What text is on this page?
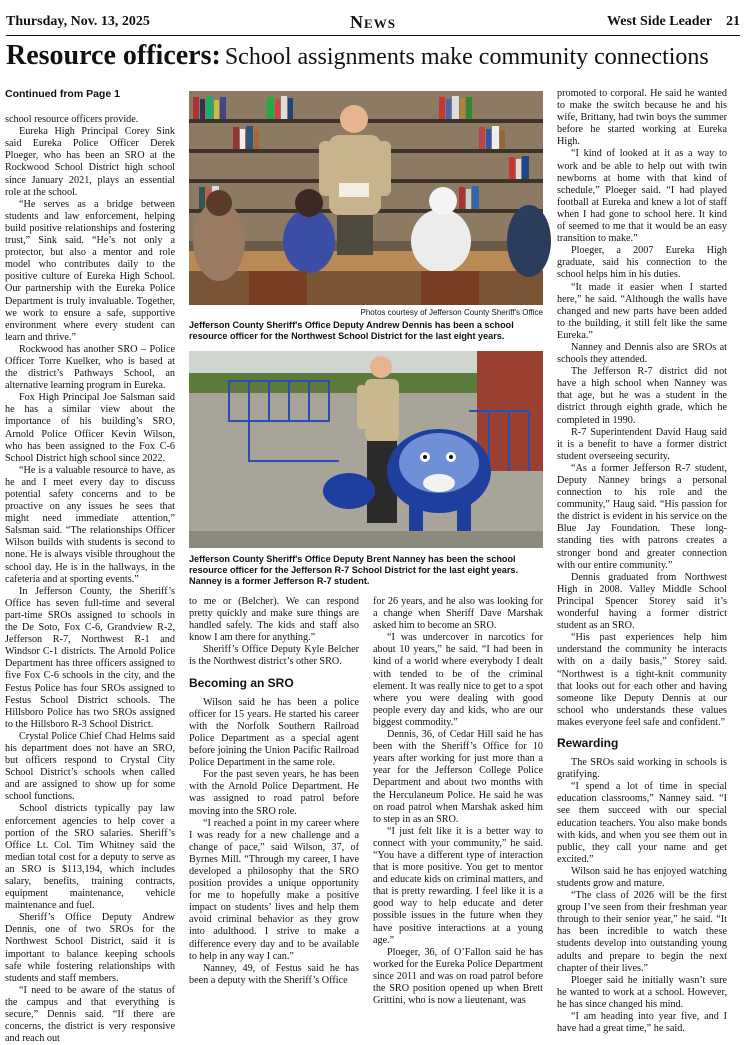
Thursday, Nov. 13, 2025	News	West Side Leader 21
Resource officers: School assignments make community connections

Continued from Page 1

school resource officers provide.

Eureka High Principal Corey Sink said Eureka Police Officer Derek Ploeger, who has been an SRO at the Rockwood School District high school since January 2021, plays an essential role at the school.

“He serves as a bridge between students and law enforcement, helping build positive relationships and fostering trust,” Sink said. “He’s not only a protector, but also a mentor and role model who contributes daily to the positive culture of Eureka High School. Our partnership with the Eureka Police Department is truly invaluable. Together, we work to ensure a safe, supportive environment where every student can learn and thrive.”

Rockwood has another SRO – Police Officer Torre Kuelker, who is based at the district’s Pathways School, an alternative learning program in Eureka.

Fox High Principal Joe Salsman said he has a similar view about the importance of his building’s SRO, Arnold Police Officer Kevin Wilson, who has been assigned to the Fox C-6 School District high school since 2022.

“He is a valuable resource to have, as he and I meet every day to discuss potential safety concerns and to be proactive on any issues he sees that might need immediate attention,” Salsman said. “The relationships Officer Wilson builds with students is second to none. He is always visible throughout the school day. He is in the hallways, in the cafeteria and at sporting events.”

In Jefferson County, the Sheriff’s Office has seven full-time and several part-time SROs assigned to schools in the De Soto, Fox C-6, Grandview R-2, Jefferson R-7, Northwest R-1 and Windsor C-1 districts. The Arnold Police Department has three officers assigned to five Fox C-6 schools in the city, and the Festus Police has four SROs assigned to Festus School District schools. The Hillsboro Police has two SROs assigned to the Hillsboro R-3 School District.

Crystal Police Chief Chad Helms said his department does not have an SRO, but officers respond to Crystal City School District’s schools when called and are assigned to show up for some school functions.

School districts typically pay law enforcement agencies to help cover a portion of the SRO salaries. Sheriff’s Office Lt. Col. Tim Whitney said the median total cost for a deputy to serve as an SRO is $113,194, which includes salary, benefits, training contracts, equipment maintenance, vehicle maintenance and fuel.

Sheriff’s Office Deputy Andrew Dennis, one of two SROs for the Northwest School District, said it is important to balance keeping schools safe while fostering relationships with students and staff members.

“I need to be aware of the status of the campus and that everything is secure,” Dennis said. “If there are concerns, the district is very responsive and reach out

Photos courtesy of Jefferson County Sheriff's Office
Jefferson County Sheriff's Office Deputy Andrew Dennis has been a school resource officer for the Northwest School District for the last eight years.
Jefferson County Sheriff's Office Deputy Brent Nanney has been the school resource officer for the Jefferson R-7 School District for the last eight years. Nanney is a former Jefferson R-7 student.

to me or (Belcher). We can respond pretty quickly and make sure things are handled safely. The kids and staff also know I am there for anything.”

Sheriff’s Office Deputy Kyle Belcher is the Northwest district’s other SRO.

Becoming an SRO

Wilson said he has been a police officer for 15 years. He started his career with the Norfolk Southern Railroad Police Department as a special agent before joining the Union Pacific Railroad Police Department in the same role.

For the past seven years, he has been with the Arnold Police Department. He was assigned to road patrol before moving into the SRO role.

“I reached a point in my career where I was ready for a new challenge and a change of pace,” said Wilson, 37, of Byrnes Mill. “Through my career, I have developed a philosophy that the SRO position provides a unique opportunity for me to hopefully make a positive impact on students’ lives and help them avoid criminal behavior as they grow into adulthood. I strive to make a difference every day and to be available to help in any way I can.”

Nanney, 49, of Festus said he has been a deputy with the Sheriff’s Office

for 26 years, and he also was looking for a change when Sheriff Dave Marshak asked him to become an SRO.

“I was undercover in narcotics for about 10 years,” he said. “I had been in kind of a world where everybody I dealt with tended to be of the criminal element. It was really nice to get to a spot where you were dealing with good people every day and kids, who are our biggest commodity.”

Dennis, 36, of Cedar Hill said he has been with the Sheriff’s Office for 10 years after working for just more than a year for the Jefferson College Police Department and about two months with the Herculaneum Police. He said he was on road patrol when Marshak asked him to step in as an SRO.

“I just felt like it is a better way to connect with your community,” he said. “You have a different type of interaction that is more positive. You get to mentor and educate kids on criminal matters, and that is pretty rewarding. I feel like it is a good way to help educate and deter possible issues in the future when they have positive interactions at a young age.”

Ploeger, 36, of O’Fallon said he has worked for the Eureka Police Department since 2011 and was on road patrol before the SRO position opened up when Brett Grittini, who is now a lieutenant, was

promoted to corporal. He said he wanted to make the switch because he and his wife, Brittany, had twin boys the summer before he started working at Eureka High.

“I kind of looked at it as a way to work and be able to help out with twin newborns at home with that kind of schedule,” Ploeger said. “I had played football at Eureka and knew a lot of staff when I had gone to school here. It kind of seemed to me that it would be an easy transition to make.”

Ploeger, a 2007 Eureka High graduate, said his connection to the school helps him in his duties.

“It made it easier when I started here,” he said. “Although the walls have changed and new parts have been added to the building, it still felt like the same Eureka.”

Nanney and Dennis also are SROs at schools they attended.

The Jefferson R-7 district did not have a high school when Nanney was that age, but he was a student in the district through eighth grade, which he completed in 1990.

R-7 Superintendent David Haug said it is a benefit to have a former district student overseeing security.

“As a former Jefferson R-7 student, Deputy Nanney brings a personal connection to his role and the community,” Haug said. “His passion for the district is evident in his service on the Blue Jay Foundation. These long-standing ties with patrons creates a stronger bond and greater connection with our entire community.”

Dennis graduated from Northwest High in 2008. Valley Middle School Principal Spencer Storey said it’s wonderful having a former district student as an SRO.

“His past experiences help him understand the community he interacts with on a daily basis,” Storey said. “Northwest is a tight-knit community that looks out for each other and having someone like Deputy Dennis at our school who understands these values makes everyone feel safe and confident.”

Rewarding

The SROs said working in schools is gratifying.

“I spend a lot of time in special education classrooms,” Nanney said. “I see them succeed with our special education teachers. You also make bonds with kids, and when you see them out in public, they call your name and get excited.”

Wilson said he has enjoyed watching students grow and mature.

“The class of 2026 will be the first group I’ve seen from their freshman year through to their senior year,” he said. “It has been incredible to watch these students develop into outstanding young adults and prepare to begin the next chapter of their lives.”

Ploeger said he initially wasn’t sure he wanted to work at a school. However, he has since changed his mind.

“I am heading into year five, and I have had a great time,” he said.
